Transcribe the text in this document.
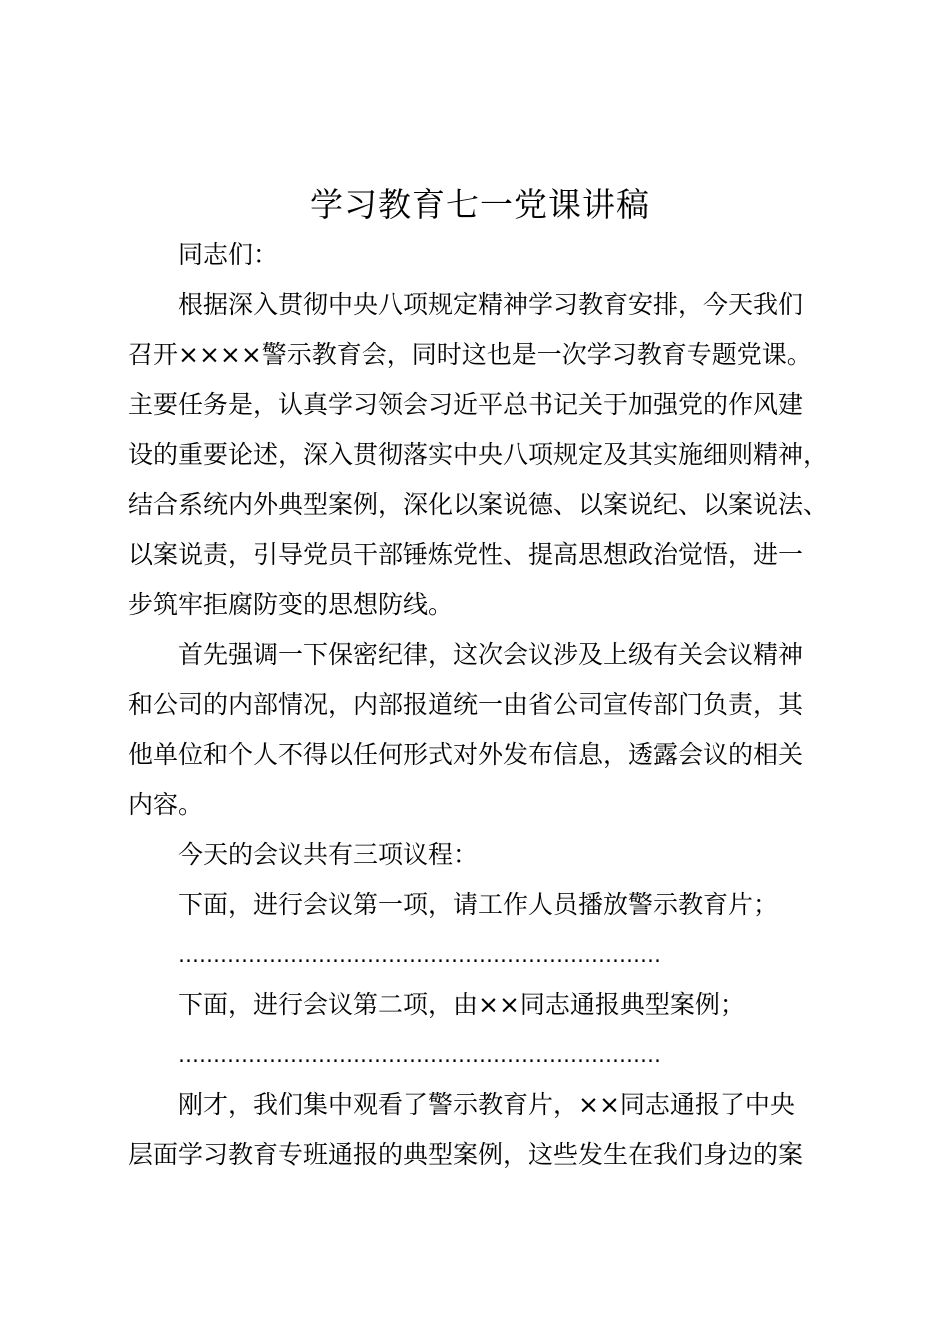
学习教育七一党课讲稿
同志们：
根据深入贯彻中央八项规定精神学习教育安排，今天我们
召开××××警示教育会，同时这也是一次学习教育专题党课。
主要任务是，认真学习领会习近平总书记关于加强党的作风建
设的重要论述，深入贯彻落实中央八项规定及其实施细则精神，
结合系统内外典型案例，深化以案说德、以案说纪、以案说法、
以案说责，引导党员干部锤炼党性、提高思想政治觉悟，进一
步筑牢拒腐防变的思想防线。
首先强调一下保密纪律，这次会议涉及上级有关会议精神
和公司的内部情况，内部报道统一由省公司宣传部门负责，其
他单位和个人不得以任何形式对外发布信息，透露会议的相关
内容。
今天的会议共有三项议程：
下面，进行会议第一项，请工作人员播放警示教育片；
……………………………………………………………
下面，进行会议第二项，由××同志通报典型案例；
……………………………………………………………
刚才，我们集中观看了警示教育片，××同志通报了中央
层面学习教育专班通报的典型案例，这些发生在我们身边的案
